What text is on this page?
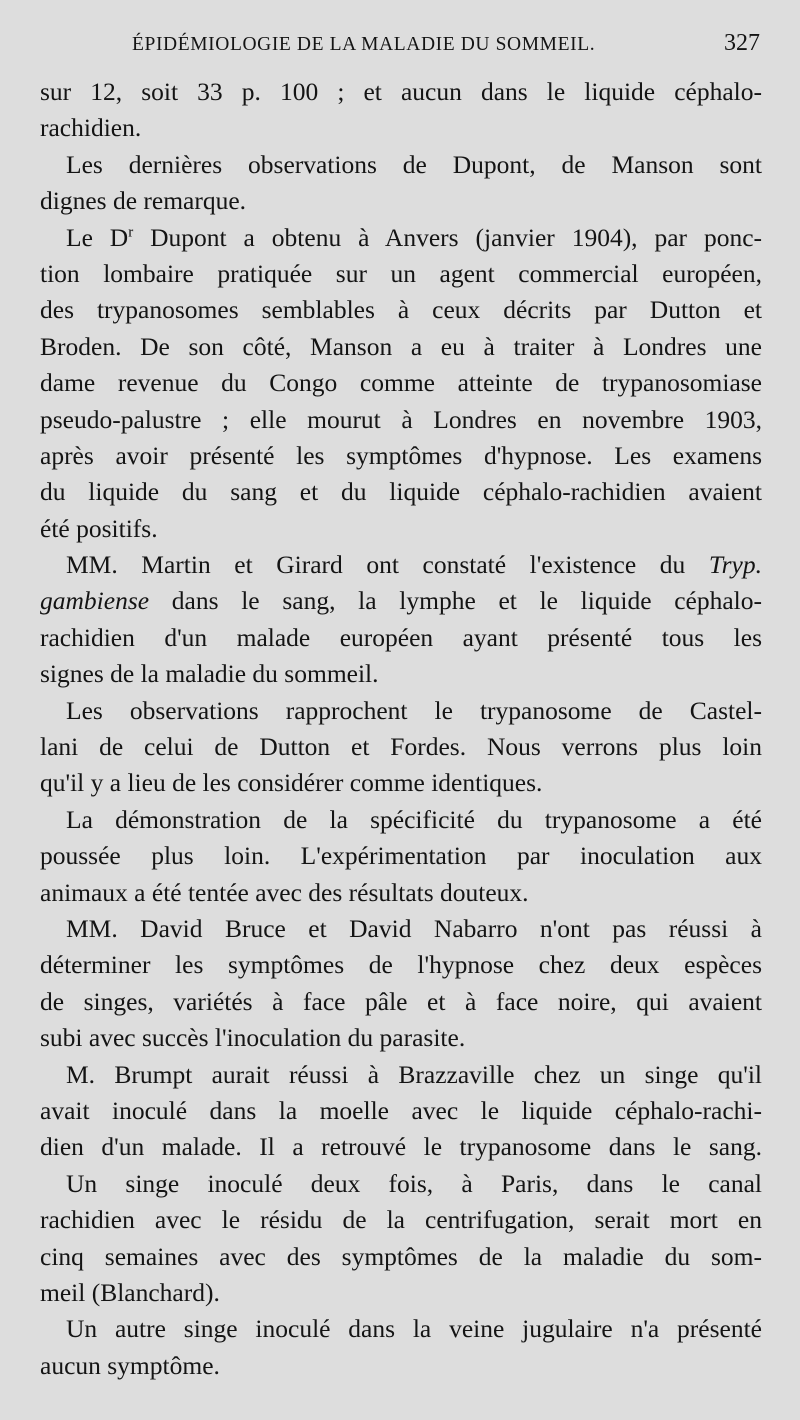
ÉPIDÉMIOLOGIE DE LA MALADIE DU SOMMEIL.	327
sur 12, soit 33 p. 100 ; et aucun dans le liquide céphalo-
rachidien.
Les dernières observations de Dupont, de Manson sont
dignes de remarque.
Le $D^r$ Dupont a obtenu à Anvers (janvier 1904), par ponc-
tion lombaire pratiquée sur un agent commercial européen,
des trypanosomes semblables à ceux décrits par Dutton et
Broden. De son côté, Manson a eu à traiter à Londres une
dame revenue du Congo comme atteinte de trypanosomiase
pseudo-palustre ; elle mourut à Londres en novembre 1903,
après avoir présenté les symptômes d'hypnose. Les examens
du liquide du sang et du liquide céphalo-rachidien avaient
été positifs.
MM. Martin et Girard ont constaté l'existence du Tryp.
gambiense dans le sang, la lymphe et le liquide céphalo-
rachidien d'un malade européen ayant présenté tous les
signes de la maladie du sommeil.
Les observations rapprochent le trypanosome de Castel-
lani de celui de Dutton et Fordes. Nous verrons plus loin
qu'il y a lieu de les considérer comme identiques.
La démonstration de la spécificité du trypanosome a été
poussée plus loin. L'expérimentation par inoculation aux
animaux a été tentée avec des résultats douteux.
MM. David Bruce et David Nabarro n'ont pas réussi à
déterminer les symptômes de l'hypnose chez deux espèces
de singes, variétés à face pâle et à face noire, qui avaient
subi avec succès l'inoculation du parasite.
M. Brumpt aurait réussi à Brazzaville chez un singe qu'il
avait inoculé dans la moelle avec le liquide céphalo-rachi-
dien d'un malade. Il a retrouvé le trypanosome dans le sang.
Un singe inoculé deux fois, à Paris, dans le canal
rachidien avec le résidu de la centrifugation, serait mort en
cinq semaines avec des symptômes de la maladie du som-
meil (Blanchard).
Un autre singe inoculé dans la veine jugulaire n'a présenté
aucun symptôme.
